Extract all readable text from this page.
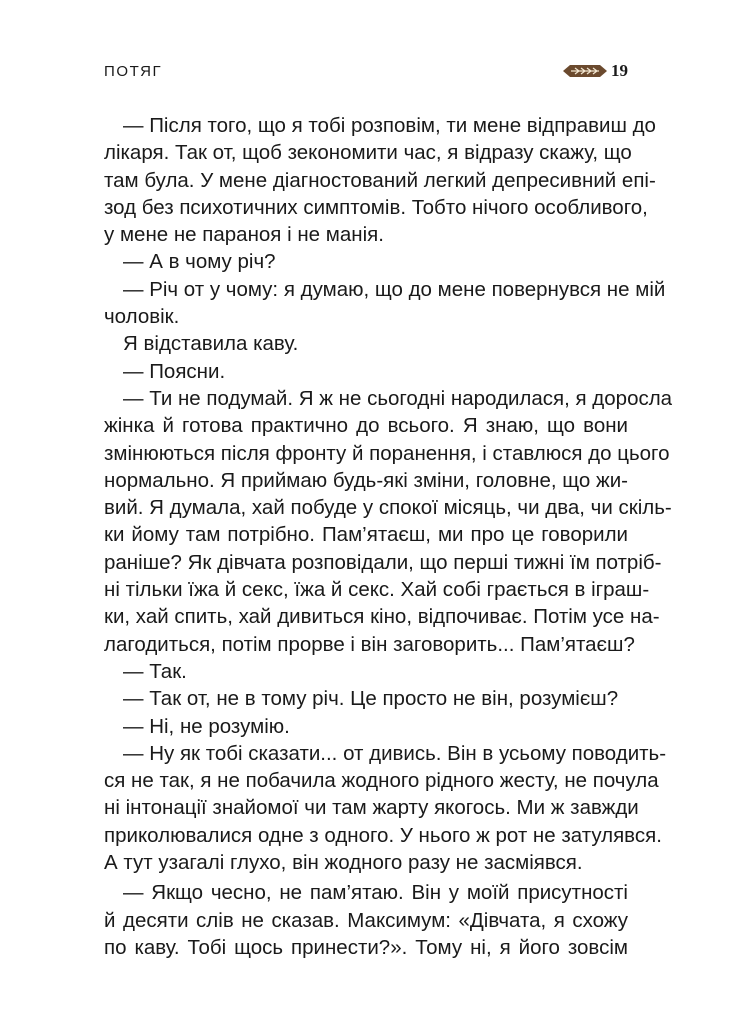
ПОТЯГ	19
— Після того, що я тобі розповім, ти мене відправиш до
лікаря. Так от, щоб зекономити час, я відразу скажу, що
там була. У мене діагностований легкий депресивний епі-
зод без психотичних симптомів. Тобто нічого особливого,
у мене не параноя і не манія.
— А в чому річ?
— Річ от у чому: я думаю, що до мене повернувся не мій
чоловік.
Я відставила каву.
— Поясни.
— Ти не подумай. Я ж не сьогодні народилася, я доросла
жінка й готова практично до всього. Я знаю, що вони
змінюються після фронту й поранення, і ставлюся до цього
нормально. Я приймаю будь-які зміни, головне, що жи-
вий. Я думала, хай побуде у спокої місяць, чи два, чи скіль-
ки йому там потрібно. Пам’ятаєш, ми про це говорили
раніше? Як дівчата розповідали, що перші тижні їм потріб-
ні тільки їжа й секс, їжа й секс. Хай собі грається в іграш-
ки, хай спить, хай дивиться кіно, відпочиває. Потім усе на-
лагодиться, потім прорве і він заговорить... Пам’ятаєш?
— Так.
— Так от, не в тому річ. Це просто не він, розумієш?
— Ні, не розумію.
— Ну як тобі сказати... от дивись. Він в усьому поводить-
ся не так, я не побачила жодного рідного жесту, не почула
ні інтонації знайомої чи там жарту якогось. Ми ж завжди
приколювалися одне з одного. У нього ж рот не затулявся.
А тут узагалі глухо, він жодного разу не засміявся.
— Якщо чесно, не пам’ятаю. Він у моїй присутності
й десяти слів не сказав. Максимум: «Дівчата, я схожу
по каву. Тобі щось принести?». Тому ні, я його зовсім
